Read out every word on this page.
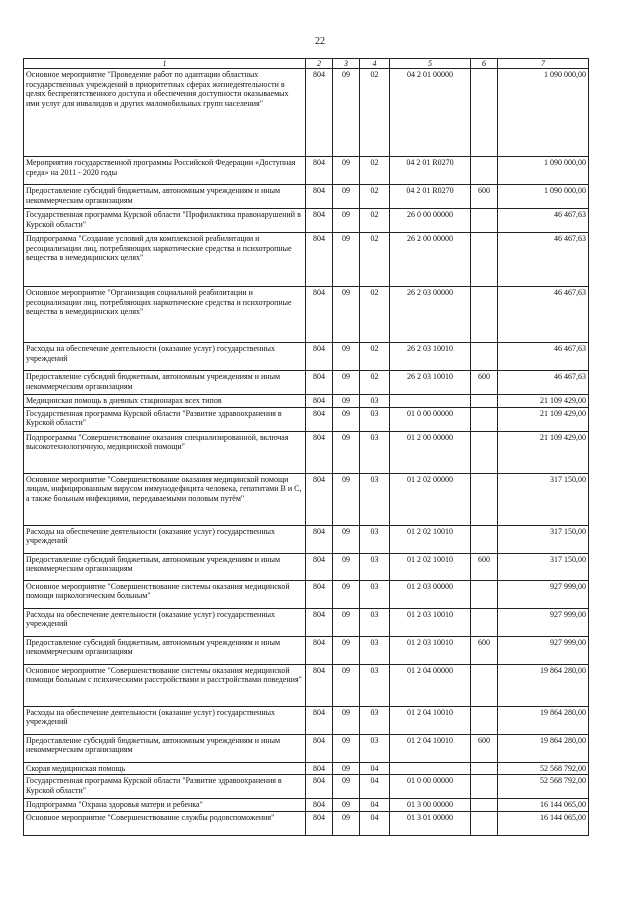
22
1	2	3	4	5	6	7
Основное мероприятие "Проведение работ по адаптации областных государственных учреждений в приоритетных сферах жизнедеятельности в целях беспрепятственного доступа и обеспечения доступности оказываемых ими услуг для инвалидов и других маломобильных групп населения"	804	09	02	04 2 01 00000		1 090 000,00
Мероприятия государственной программы Российской Федерации «Доступная среда» на 2011 - 2020 годы	804	09	02	04 2 01 R0270		1 090 000,00
Предоставление субсидий бюджетным, автономным учреждениям и иным некоммерческим организациям	804	09	02	04 2 01 R0270	600	1 090 000,00
Государственная программа Курской области "Профилактика правонарушений в Курской области"	804	09	02	26 0 00 00000		46 467,63
Подпрограмма "Создание условий для комплексной реабилитации и ресоциализации лиц, потребляющих наркотические средства и психотропные вещества в немедицинских целях"	804	09	02	26 2 00 00000		46 467,63
Основное мероприятие "Организация социальной реабилитации и ресоциализации лиц, потребляющих наркотические средства и психотропные вещества в немедицинских целях"	804	09	02	26 2 03 00000		46 467,63
Расходы на обеспечение деятельности (оказание услуг) государственных учреждений	804	09	02	26 2 03 10010		46 467,63
Предоставление субсидий бюджетным, автономным учреждениям и иным некоммерческим организациям	804	09	02	26 2 03 10010	600	46 467,63
Медицинская помощь в дневных стационарах всех типов	804	09	03			21 109 429,00
Государственная программа Курской области "Развитие здравоохранения в Курской области"	804	09	03	01 0 00 00000		21 109 429,00
Подпрограмма "Совершенствование оказания специализированной, включая высокотехнологичную, медицинской помощи"	804	09	03	01 2 00 00000		21 109 429,00
Основное мероприятие "Совершенствование оказания медицинской помощи лицам, инфицированным вирусом иммунодефицита человека, гепатитами B и C, а также больным инфекциями, передаваемыми половым путём"	804	09	03	01 2 02 00000		317 150,00
Расходы на обеспечение деятельности (оказание услуг) государственных учреждений	804	09	03	01 2 02 10010		317 150,00
Предоставление субсидий бюджетным, автономным учреждениям и иным некоммерческим организациям	804	09	03	01 2 02 10010	600	317 150,00
Основное мероприятие "Совершенствование системы оказания медицинской помощи наркологическим больным"	804	09	03	01 2 03 00000		927 999,00
Расходы на обеспечение деятельности (оказание услуг) государственных учреждений	804	09	03	01 2 03 10010		927 999,00
Предоставление субсидий бюджетным, автономным учреждениям и иным некоммерческим организациям	804	09	03	01 2 03 10010	600	927 999,00
Основное мероприятие "Совершенствование системы оказания медицинской помощи больным с психическими расстройствами и расстройствами поведения"	804	09	03	01 2 04 00000		19 864 280,00
Расходы на обеспечение деятельности (оказание услуг) государственных учреждений	804	09	03	01 2 04 10010		19 864 280,00
Предоставление субсидий бюджетным, автономным учреждениям и иным некоммерческим организациям	804	09	03	01 2 04 10010	600	19 864 280,00
Скорая медицинская помощь	804	09	04			52 568 792,00
Государственная программа Курской области "Развитие здравоохранения в Курской области"	804	09	04	01 0 00 00000		52 568 792,00
Подпрограмма "Охрана здоровья матери и ребенка"	804	09	04	01 3 00 00000		16 144 065,00
Основное мероприятие "Совершенствование службы родовспоможения"	804	09	04	01 3 01 00000		16 144 065,00
